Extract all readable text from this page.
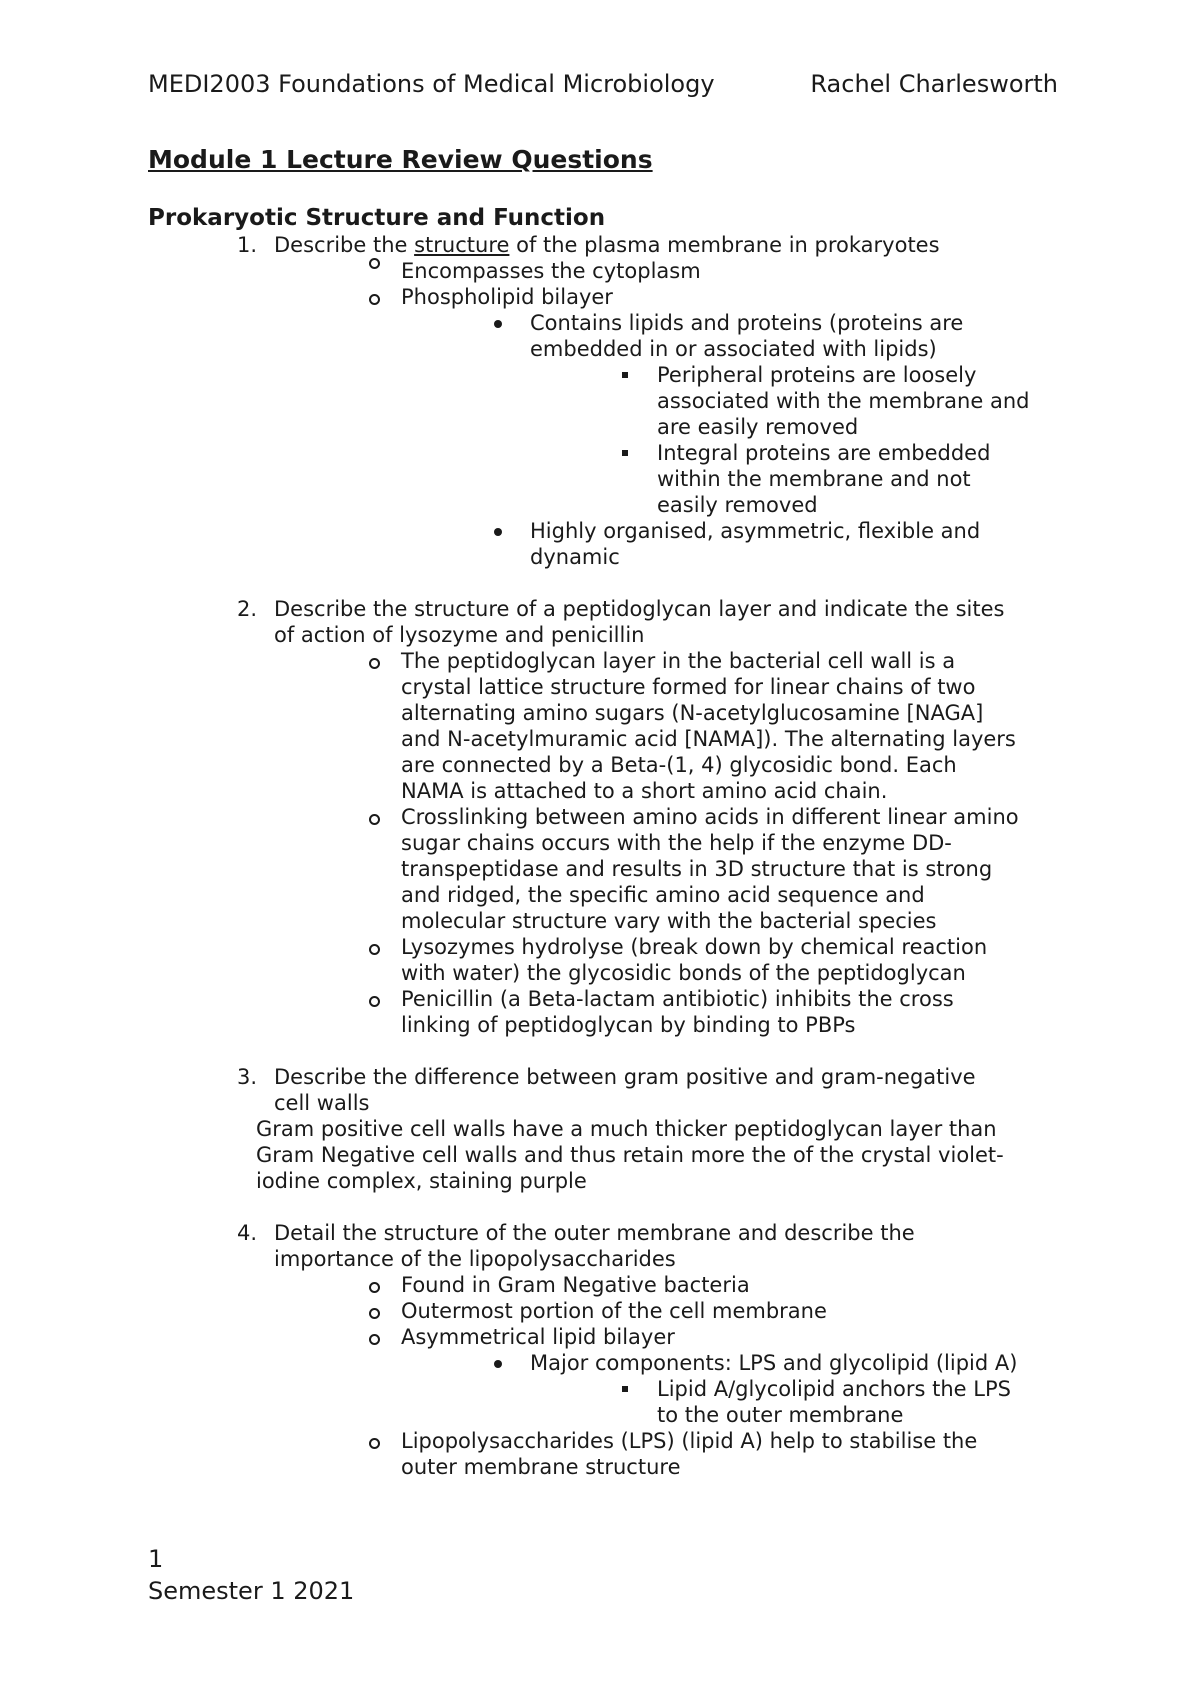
MEDI2003 Foundations of Medical Microbiology	Rachel Charlesworth
Module 1 Lecture Review Questions
Prokaryotic Structure and Function
1. Describe the structure of the plasma membrane in prokaryotes
Encompasses the cytoplasm
Phospholipid bilayer
Contains lipids and proteins (proteins are
embedded in or associated with lipids)
Peripheral proteins are loosely
associated with the membrane and
are easily removed
Integral proteins are embedded
within the membrane and not
easily removed
Highly organised, asymmetric, flexible and
dynamic
2. Describe the structure of a peptidoglycan layer and indicate the sites
of action of lysozyme and penicillin
The peptidoglycan layer in the bacterial cell wall is a
crystal lattice structure formed for linear chains of two
alternating amino sugars (N-acetylglucosamine [NAGA]
and N-acetylmuramic acid [NAMA]). The alternating layers
are connected by a Beta-(1, 4) glycosidic bond. Each
NAMA is attached to a short amino acid chain.
Crosslinking between amino acids in different linear amino
sugar chains occurs with the help if the enzyme DD-
transpeptidase and results in 3D structure that is strong
and ridged, the specific amino acid sequence and
molecular structure vary with the bacterial species
Lysozymes hydrolyse (break down by chemical reaction
with water) the glycosidic bonds of the peptidoglycan
Penicillin (a Beta-lactam antibiotic) inhibits the cross
linking of peptidoglycan by binding to PBPs
3. Describe the difference between gram positive and gram-negative
cell walls
Gram positive cell walls have a much thicker peptidoglycan layer than
Gram Negative cell walls and thus retain more the of the crystal violet-
iodine complex, staining purple
4. Detail the structure of the outer membrane and describe the
importance of the lipopolysaccharides
Found in Gram Negative bacteria
Outermost portion of the cell membrane
Asymmetrical lipid bilayer
Major components: LPS and glycolipid (lipid A)
Lipid A/glycolipid anchors the LPS
to the outer membrane
Lipopolysaccharides (LPS) (lipid A) help to stabilise the
outer membrane structure
1
Semester 1 2021
